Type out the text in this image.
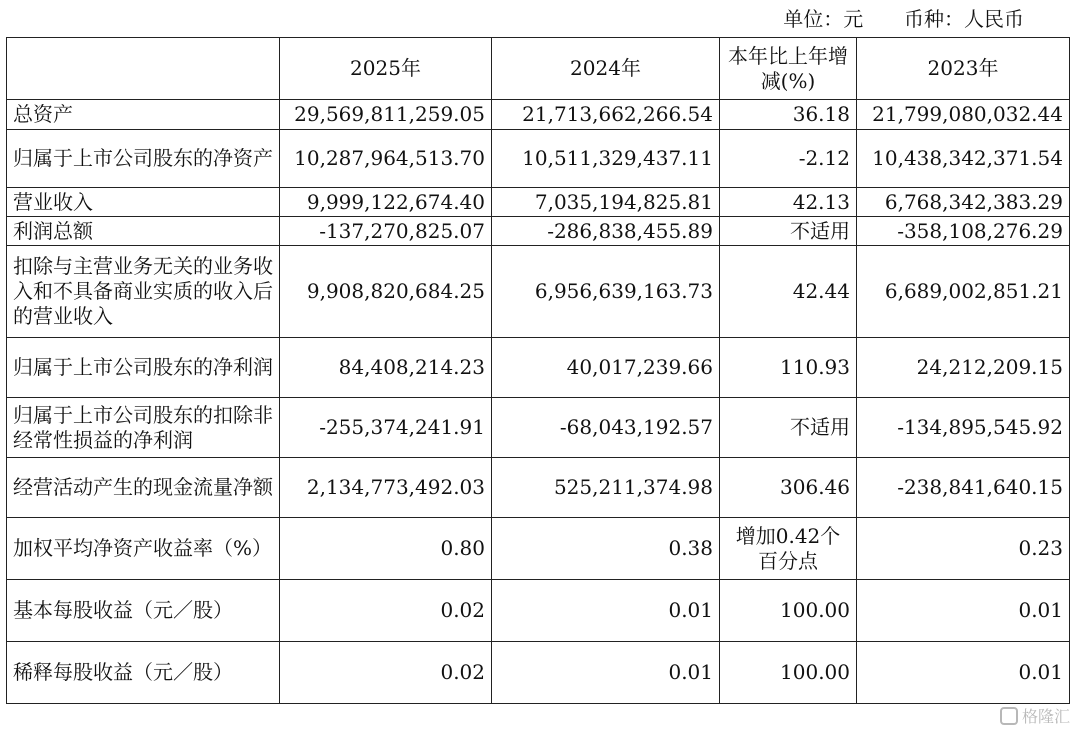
单位：元 币种：人民币
	2025年	2024年	本年比上年增减(%)	2023年
总资产	29,569,811,259.05	21,713,662,266.54	36.18	21,799,080,032.44
归属于上市公司股东的净资产	10,287,964,513.70	10,511,329,437.11	-2.12	10,438,342,371.54
营业收入	9,999,122,674.40	7,035,194,825.81	42.13	6,768,342,383.29
利润总额	-137,270,825.07	-286,838,455.89	不适用	-358,108,276.29
扣除与主营业务无关的业务收入和不具备商业实质的收入后的营业收入	9,908,820,684.25	6,956,639,163.73	42.44	6,689,002,851.21
归属于上市公司股东的净利润	84,408,214.23	40,017,239.66	110.93	24,212,209.15
归属于上市公司股东的扣除非经常性损益的净利润	-255,374,241.91	-68,043,192.57	不适用	-134,895,545.92
经营活动产生的现金流量净额	2,134,773,492.03	525,211,374.98	306.46	-238,841,640.15
加权平均净资产收益率（%）	0.80	0.38	增加0.42个百分点	0.23
基本每股收益（元／股）	0.02	0.01	100.00	0.01
稀释每股收益（元／股）	0.02	0.01	100.00	0.01
格隆汇
